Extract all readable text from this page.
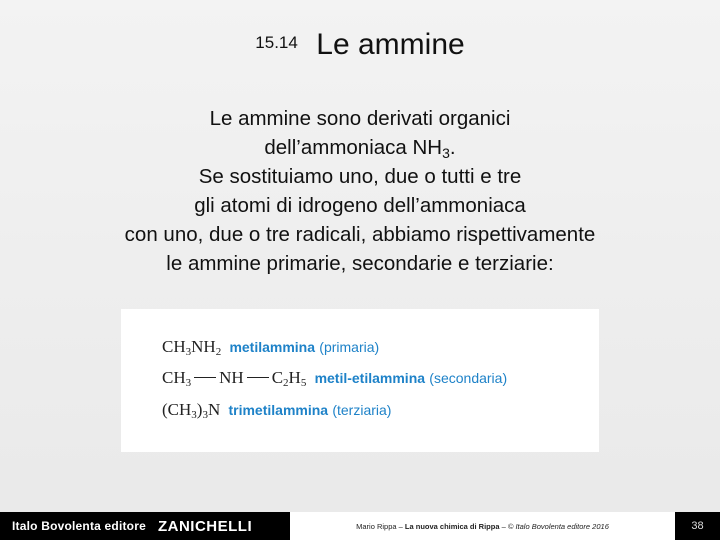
15.14 Le ammine
Le ammine sono derivati organici
dell’ammoniaca $NH_3$.
Se sostituiamo uno, due o tutti e tre
gli atomi di idrogeno dell’ammoniaca
con uno, due o tre radicali, abbiamo rispettivamente
le ammine primarie, secondarie e terziarie:
$CH_3NH_2$ metilammina (primaria)
$CH_3$ NH $C_2H_5$ metil-etilammina (secondaria)
$(CH_3)_3N$ trimetilammina (terziaria)
Italo Bovolenta editore ZANICHELLI	Mario Rippa – La nuova chimica di Rippa – © Italo Bovolenta editore 2016	38
